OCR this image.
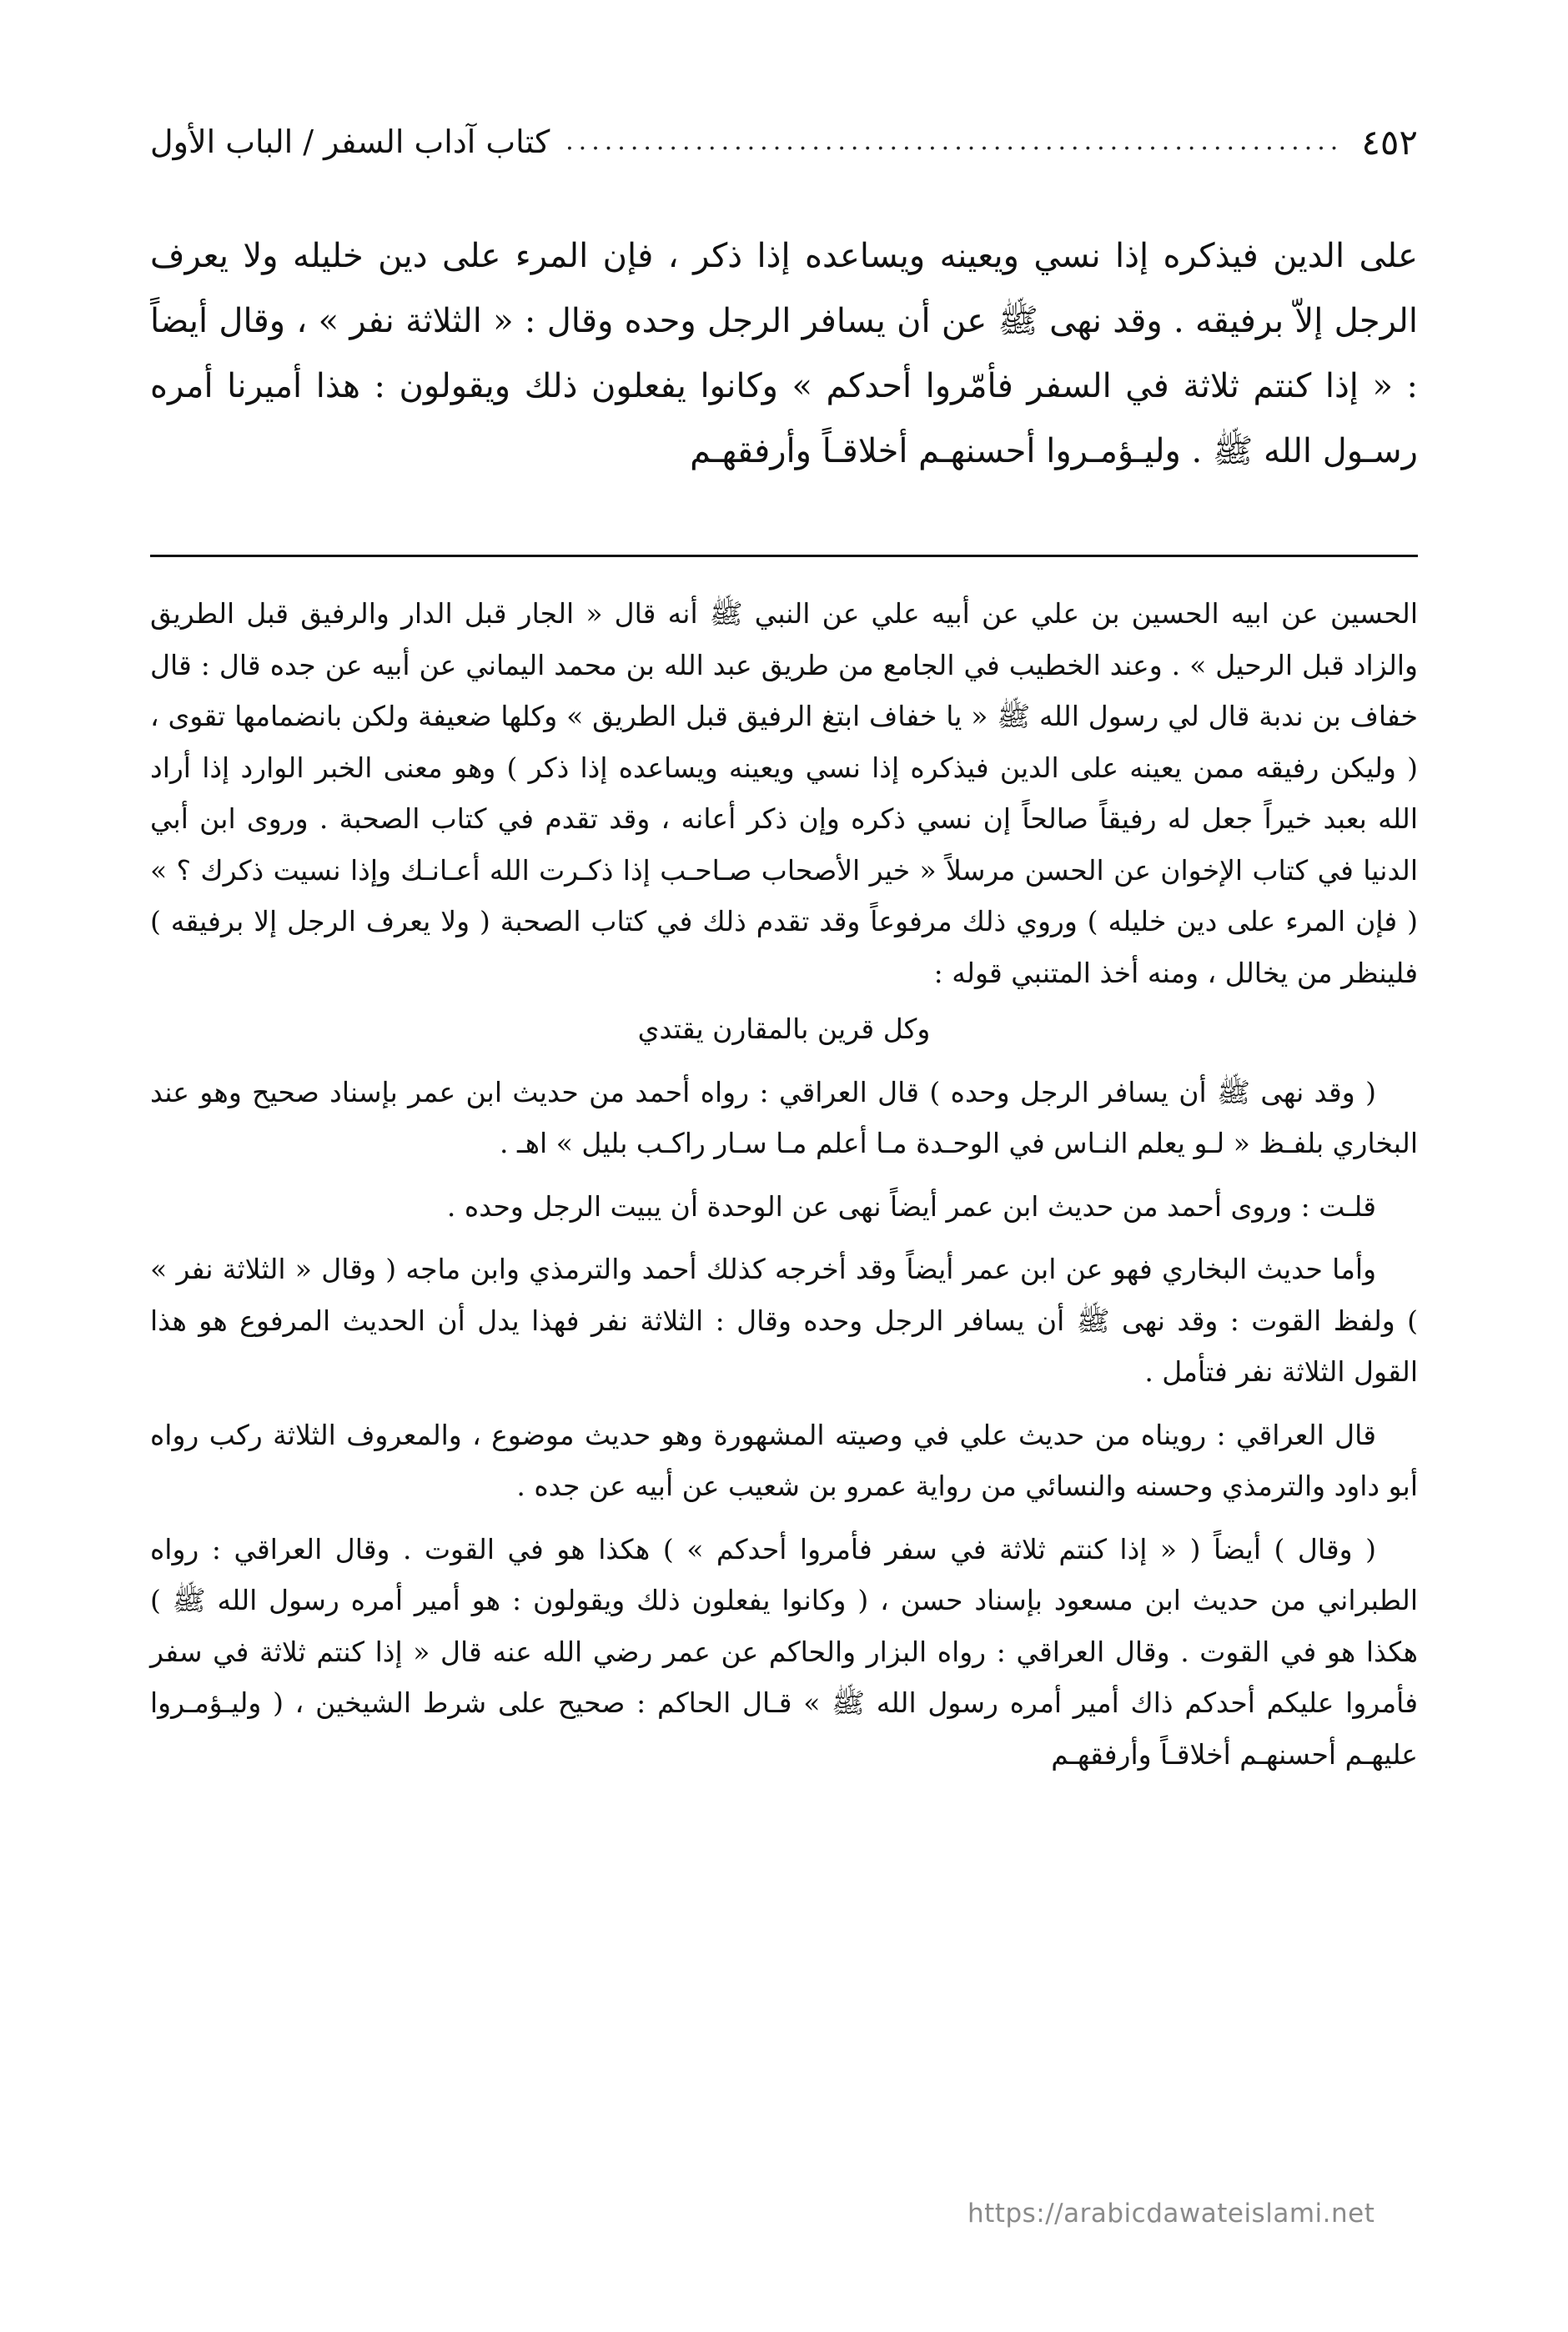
٤٥٢
.....
كتاب آداب السفر / الباب الأول

على الدين فيذكره إذا نسي ويعينه ويساعده إذا ذكر ، فإن المرء على دين خليله ولا يعرف الرجل إلاّ برفيقه . وقد نهى ﷺ عن أن يسافر الرجل وحده وقال : « الثلاثة نفر » ، وقال أيضاً : « إذا كنتم ثلاثة في السفر فأمّروا أحدكم » وكانوا يفعلون ذلك ويقولون : هذا أميرنا أمره رسـول الله ﷺ . وليـؤمـروا أحسنهـم أخلاقـاً وأرفقهـم

الحسين عن ابيه الحسين بن علي عن أبيه علي عن النبي ﷺ أنه قال « الجار قبل الدار والرفيق قبل الطريق والزاد قبل الرحيل » . وعند الخطيب في الجامع من طريق عبد الله بن محمد اليماني عن أبيه عن جده قال : قال خفاف بن ندبة قال لي رسول الله ﷺ « يا خفاف ابتغ الرفيق قبل الطريق » وكلها ضعيفة ولكن بانضمامها تقوى ، ( وليكن رفيقه ممن يعينه على الدين فيذكره إذا نسي ويعينه ويساعده إذا ذكر ) وهو معنى الخبر الوارد إذا أراد الله بعبد خيراً جعل له رفيقاً صالحاً إن نسي ذكره وإن ذكر أعانه ، وقد تقدم في كتاب الصحبة . وروى ابن أبي الدنيا في كتاب الإخوان عن الحسن مرسلاً « خير الأصحاب صـاحـب إذا ذكـرت الله أعـانـك وإذا نسيت ذكرك ؟ » ( فإن المرء على دين خليله ) وروي ذلك مرفوعاً وقد تقدم ذلك في كتاب الصحبة ( ولا يعرف الرجل إلا برفيقه ) فلينظر من يخالل ، ومنه أخذ المتنبي قوله :

وكل قرين بالمقارن يقتدي

( وقد نهى ﷺ أن يسافر الرجل وحده ) قال العراقي : رواه أحمد من حديث ابن عمر بإسناد صحيح وهو عند البخاري بلفـظ « لـو يعلم النـاس في الوحـدة مـا أعلم مـا سـار راكـب بليل » اهـ .

قلـت : وروى أحمد من حديث ابن عمر أيضاً نهى عن الوحدة أن يبيت الرجل وحده .

وأما حديث البخاري فهو عن ابن عمر أيضاً وقد أخرجه كذلك أحمد والترمذي وابن ماجه ( وقال « الثلاثة نفر » ) ولفظ القوت : وقد نهى ﷺ أن يسافر الرجل وحده وقال : الثلاثة نفر فهذا يدل أن الحديث المرفوع هو هذا القول الثلاثة نفر فتأمل .

قال العراقي : رويناه من حديث علي في وصيته المشهورة وهو حديث موضوع ، والمعروف الثلاثة ركب رواه أبو داود والترمذي وحسنه والنسائي من رواية عمرو بن شعيب عن أبيه عن جده .

( وقال ) أيضاً ( « إذا كنتم ثلاثة في سفر فأمروا أحدكم » ) هكذا هو في القوت . وقال العراقي : رواه الطبراني من حديث ابن مسعود بإسناد حسن ، ( وكانوا يفعلون ذلك ويقولون : هو أمير أمره رسول الله ﷺ ) هكذا هو في القوت . وقال العراقي : رواه البزار والحاكم عن عمر رضي الله عنه قال « إذا كنتم ثلاثة في سفر فأمروا عليكم أحدكم ذاك أمير أمره رسول الله ﷺ » قـال الحاكم : صحيح على شرط الشيخين ، ( وليـؤمـروا عليهـم أحسنهـم أخلاقـاً وأرفقهـم

https://arabicdawateislami.net
